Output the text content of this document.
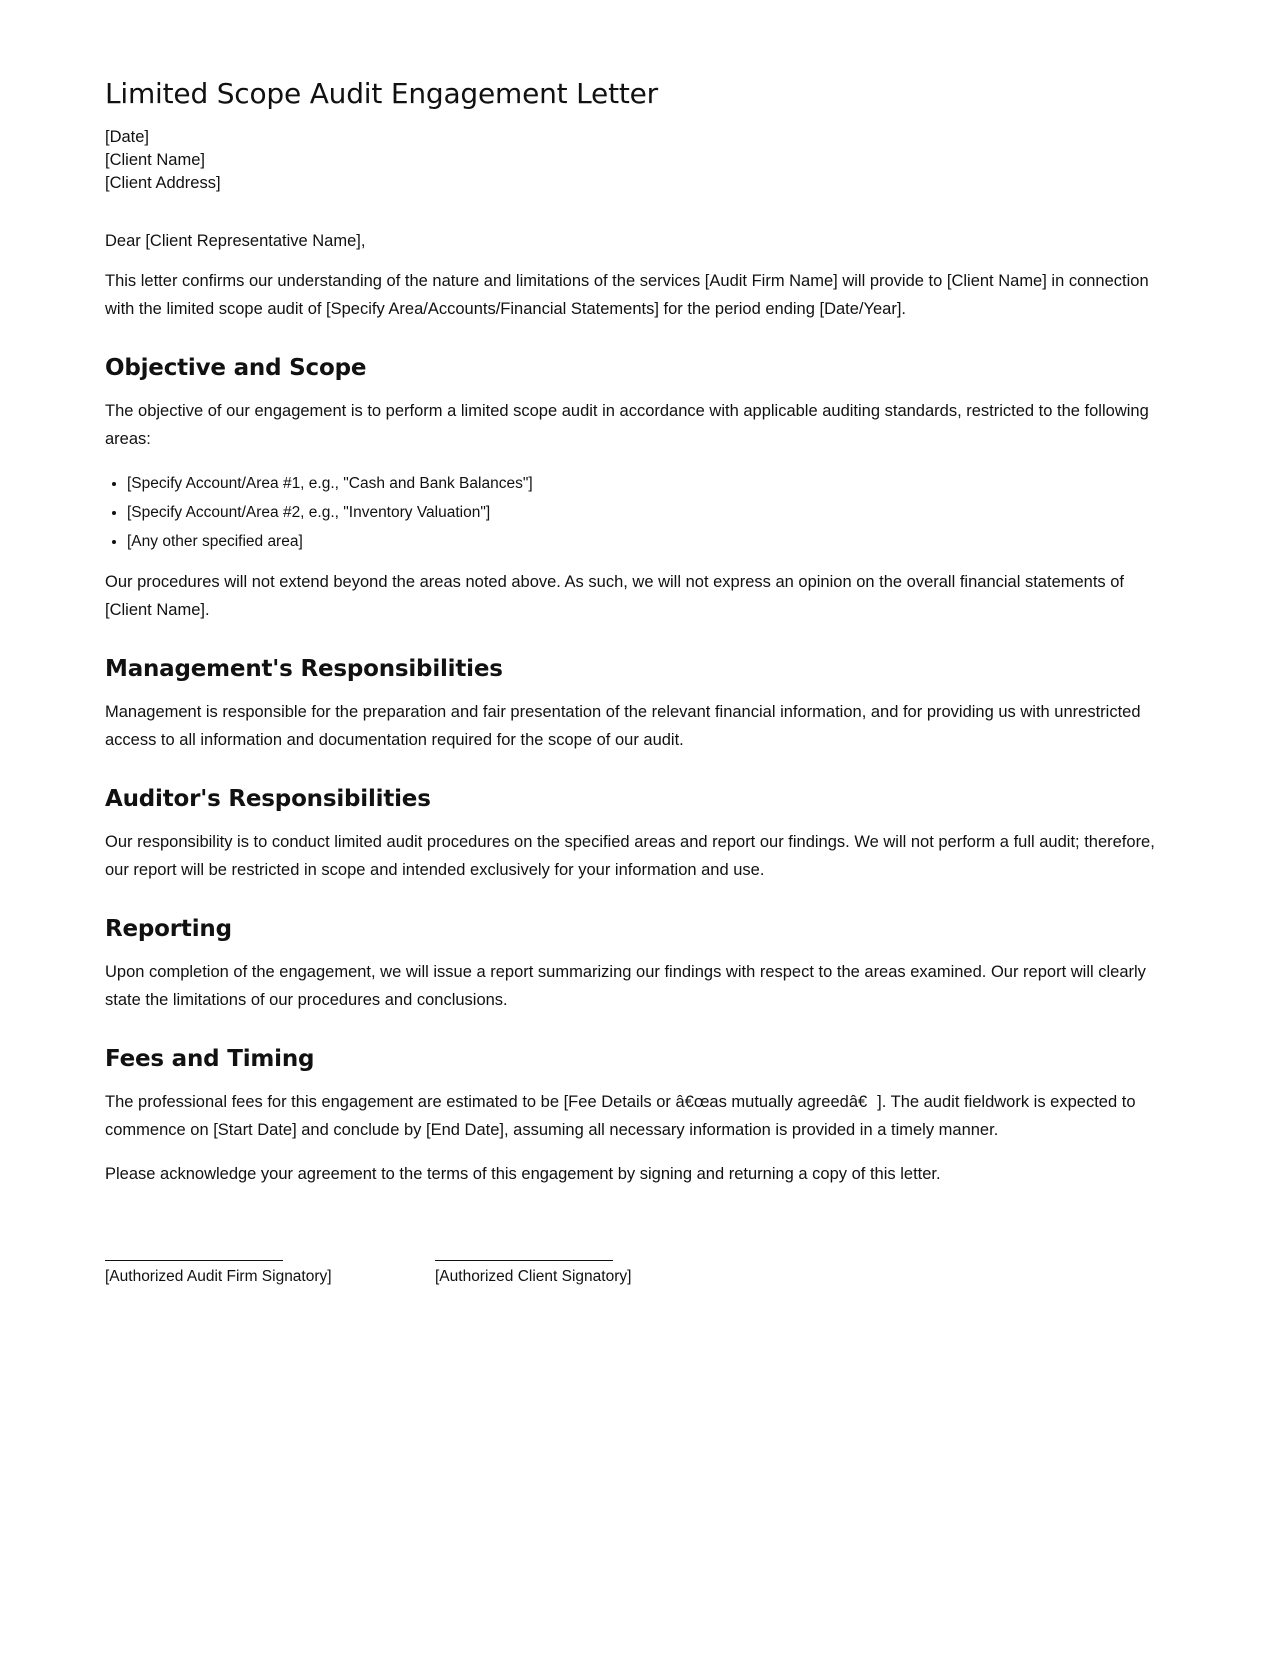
Limited Scope Audit Engagement Letter
[Date]
[Client Name]
[Client Address]

Dear [Client Representative Name],

This letter confirms our understanding of the nature and limitations of the services [Audit Firm Name] will provide to [Client Name] in connection with the limited scope audit of [Specify Area/Accounts/Financial Statements] for the period ending [Date/Year].

Objective and Scope

The objective of our engagement is to perform a limited scope audit in accordance with applicable auditing standards, restricted to the following areas:

• [Specify Account/Area #1, e.g., "Cash and Bank Balances"]
• [Specify Account/Area #2, e.g., "Inventory Valuation"]
• [Any other specified area]

Our procedures will not extend beyond the areas noted above. As such, we will not express an opinion on the overall financial statements of [Client Name].

Management's Responsibilities

Management is responsible for the preparation and fair presentation of the relevant financial information, and for providing us with unrestricted access to all information and documentation required for the scope of our audit.

Auditor's Responsibilities

Our responsibility is to conduct limited audit procedures on the specified areas and report our findings. We will not perform a full audit; therefore, our report will be restricted in scope and intended exclusively for your information and use.

Reporting

Upon completion of the engagement, we will issue a report summarizing our findings with respect to the areas examined. Our report will clearly state the limitations of our procedures and conclusions.

Fees and Timing

The professional fees for this engagement are estimated to be [Fee Details or â€œas mutually agreedâ€]. The audit fieldwork is expected to commence on [Start Date] and conclude by [End Date], assuming all necessary information is provided in a timely manner.

Please acknowledge your agreement to the terms of this engagement by signing and returning a copy of this letter.

[Authorized Audit Firm Signatory]	[Authorized Client Signatory]
